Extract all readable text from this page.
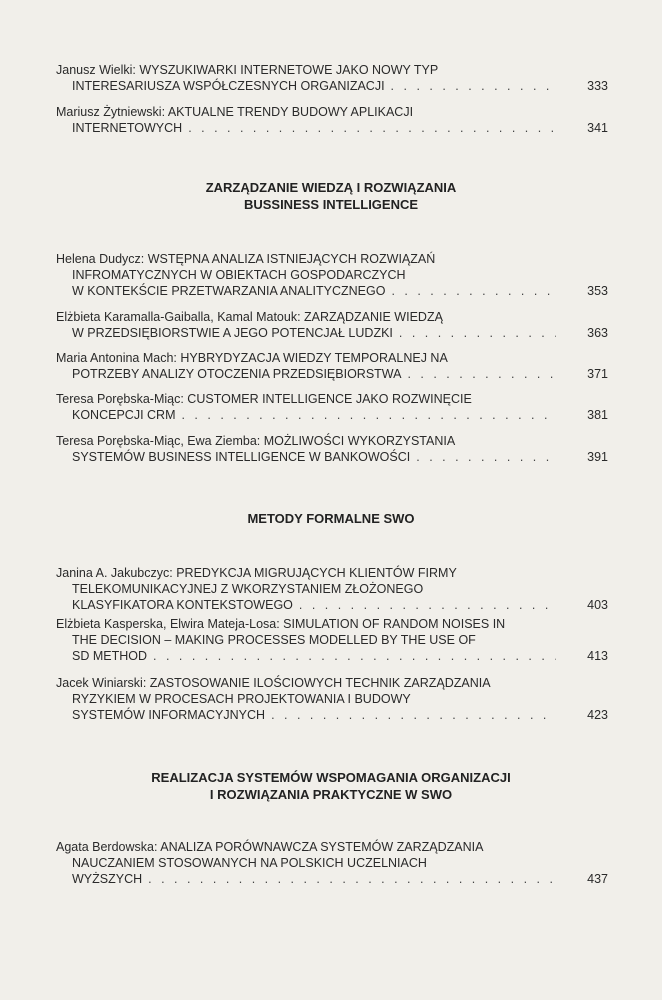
Janusz Wielki: WYSZUKIWARKI INTERNETOWE JAKO NOWY TYP
INTERESARIUSZA WSPÓŁCZESNYCH ORGANIZACJI . . .	333
Mariusz Żytniewski: AKTUALNE TRENDY BUDOWY APLIKACJI
INTERNETOWYCH . . .	341
ZARZĄDZANIE WIEDZĄ I ROZWIĄZANIA
BUSSINESS INTELLIGENCE
Helena Dudycz: WSTĘPNA ANALIZA ISTNIEJĄCYCH ROZWIĄZAŃ
INFROMATYCZNYCH W OBIEKTACH GOSPODARCZYCH
W KONTEKŚCIE PRZETWARZANIA ANALITYCZNEGO . . .	353
Elżbieta Karamalla-Gaiballa, Kamal Matouk: ZARZĄDZANIE WIEDZĄ
W PRZEDSIĘBIORSTWIE A JEGO POTENCJAŁ LUDZKI . . .	363
Maria Antonina Mach: HYBRYDYZACJA WIEDZY TEMPORALNEJ NA
POTRZEBY ANALIZY OTOCZENIA PRZEDSIĘBIORSTWA . . .	371
Teresa Porębska-Miąc: CUSTOMER INTELLIGENCE JAKO ROZWINĘCIE
KONCEPCJI CRM . . .	381
Teresa Porębska-Miąc, Ewa Ziemba: MOŻLIWOŚCI WYKORZYSTANIA
SYSTEMÓW BUSINESS INTELLIGENCE W BANKOWOŚCI . . .	391
METODY FORMALNE SWO
Janina A. Jakubczyc: PREDYKCJA MIGRUJĄCYCH KLIENTÓW FIRMY
TELEKOMUNIKACYJNEJ Z WKORZYSTANIEM ZŁOŻONEGO
KLASYFIKATORA KONTEKSTOWEGO . . .	403
Elżbieta Kasperska, Elwira Mateja-Losa: SIMULATION OF RANDOM NOISES IN
THE DECISION – MAKING PROCESSES MODELLED BY THE USE OF
SD METHOD . . .	413
Jacek Winiarski: ZASTOSOWANIE ILOŚCIOWYCH TECHNIK ZARZĄDZANIA
RYZYKIEM W PROCESACH PROJEKTOWANIA I BUDOWY
SYSTEMÓW INFORMACYJNYCH . . .	423
REALIZACJA SYSTEMÓW WSPOMAGANIA ORGANIZACJI
I ROZWIĄZANIA PRAKTYCZNE W SWO
Agata Berdowska: ANALIZA PORÓWNAWCZA SYSTEMÓW ZARZĄDZANIA
NAUCZANIEM STOSOWANYCH NA POLSKICH UCZELNIACH
WYŻSZYCH . . .	437
